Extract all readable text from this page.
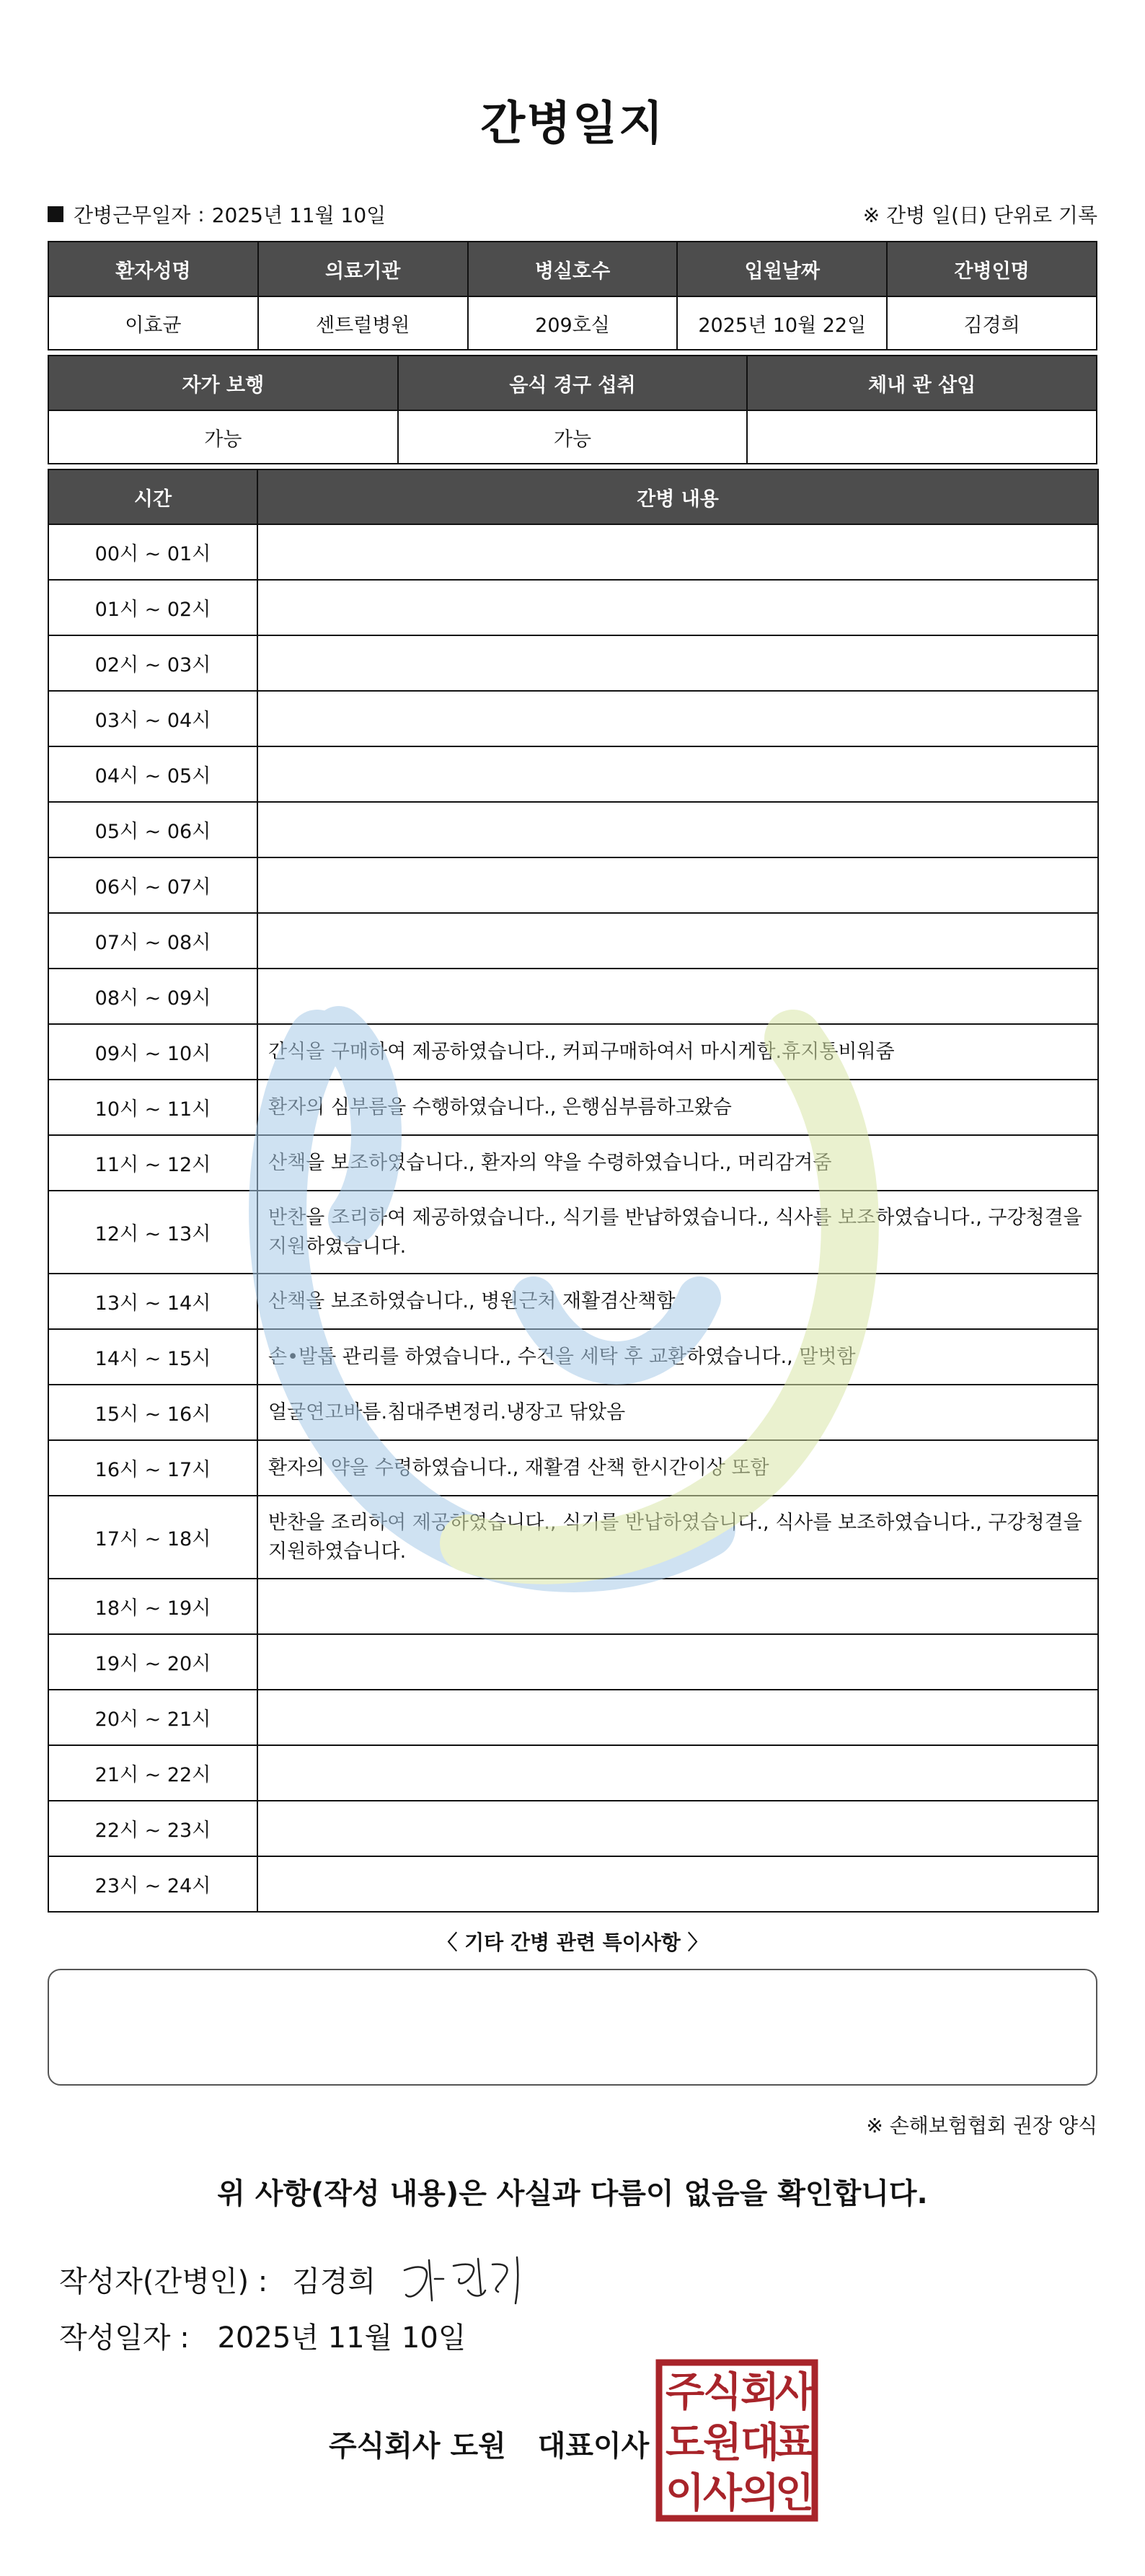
간병일지
간병근무일자 : 2025년 11월 10일	※ 간병 일(日) 단위로 기록
환자성명	의료기관	병실호수	입원날짜	간병인명
이효균	센트럴병원	209호실	2025년 10월 22일	김경희
자가 보행	음식 경구 섭취	체내 관 삽입
가능	가능	
시간	간병 내용
00시 ~ 01시	
01시 ~ 02시	
02시 ~ 03시	
03시 ~ 04시	
04시 ~ 05시	
05시 ~ 06시	
06시 ~ 07시	
07시 ~ 08시	
08시 ~ 09시	
09시 ~ 10시	간식을 구매하여 제공하였습니다., 커피구매하여서 마시게함.휴지통비워줌
10시 ~ 11시	환자의 심부름을 수행하였습니다., 은행심부름하고왔슴
11시 ~ 12시	산책을 보조하였습니다., 환자의 약을 수령하였습니다., 머리감겨줌
12시 ~ 13시	반찬을 조리하여 제공하였습니다., 식기를 반납하였습니다., 식사를 보조하였습니다., 구강청결을 지원하였습니다.
13시 ~ 14시	산책을 보조하였습니다., 병원근처 재활겸산책함
14시 ~ 15시	손•발톱 관리를 하였습니다., 수건을 세탁 후 교환하였습니다., 말벗함
15시 ~ 16시	얼굴연고바름.침대주변정리.냉장고 닦았음
16시 ~ 17시	환자의 약을 수령하였습니다., 재활겸 산책 한시간이상 또함
17시 ~ 18시	반찬을 조리하여 제공하였습니다., 식기를 반납하였습니다., 식사를 보조하였습니다., 구강청결을 지원하였습니다.
18시 ~ 19시	
19시 ~ 20시	
20시 ~ 21시	
21시 ~ 22시	
22시 ~ 23시	
23시 ~ 24시	
〈 기타 간병 관련 특이사항 〉
※ 손해보험협회 권장 양식
위 사항(작성 내용)은 사실과 다름이 없음을 확인합니다.
작성자(간병인) : 김경희
작성일자 : 2025년 11월 10일
주식회사 도원 대표이사
주
식
회
사
도
원
대
표
이
사
의
인
